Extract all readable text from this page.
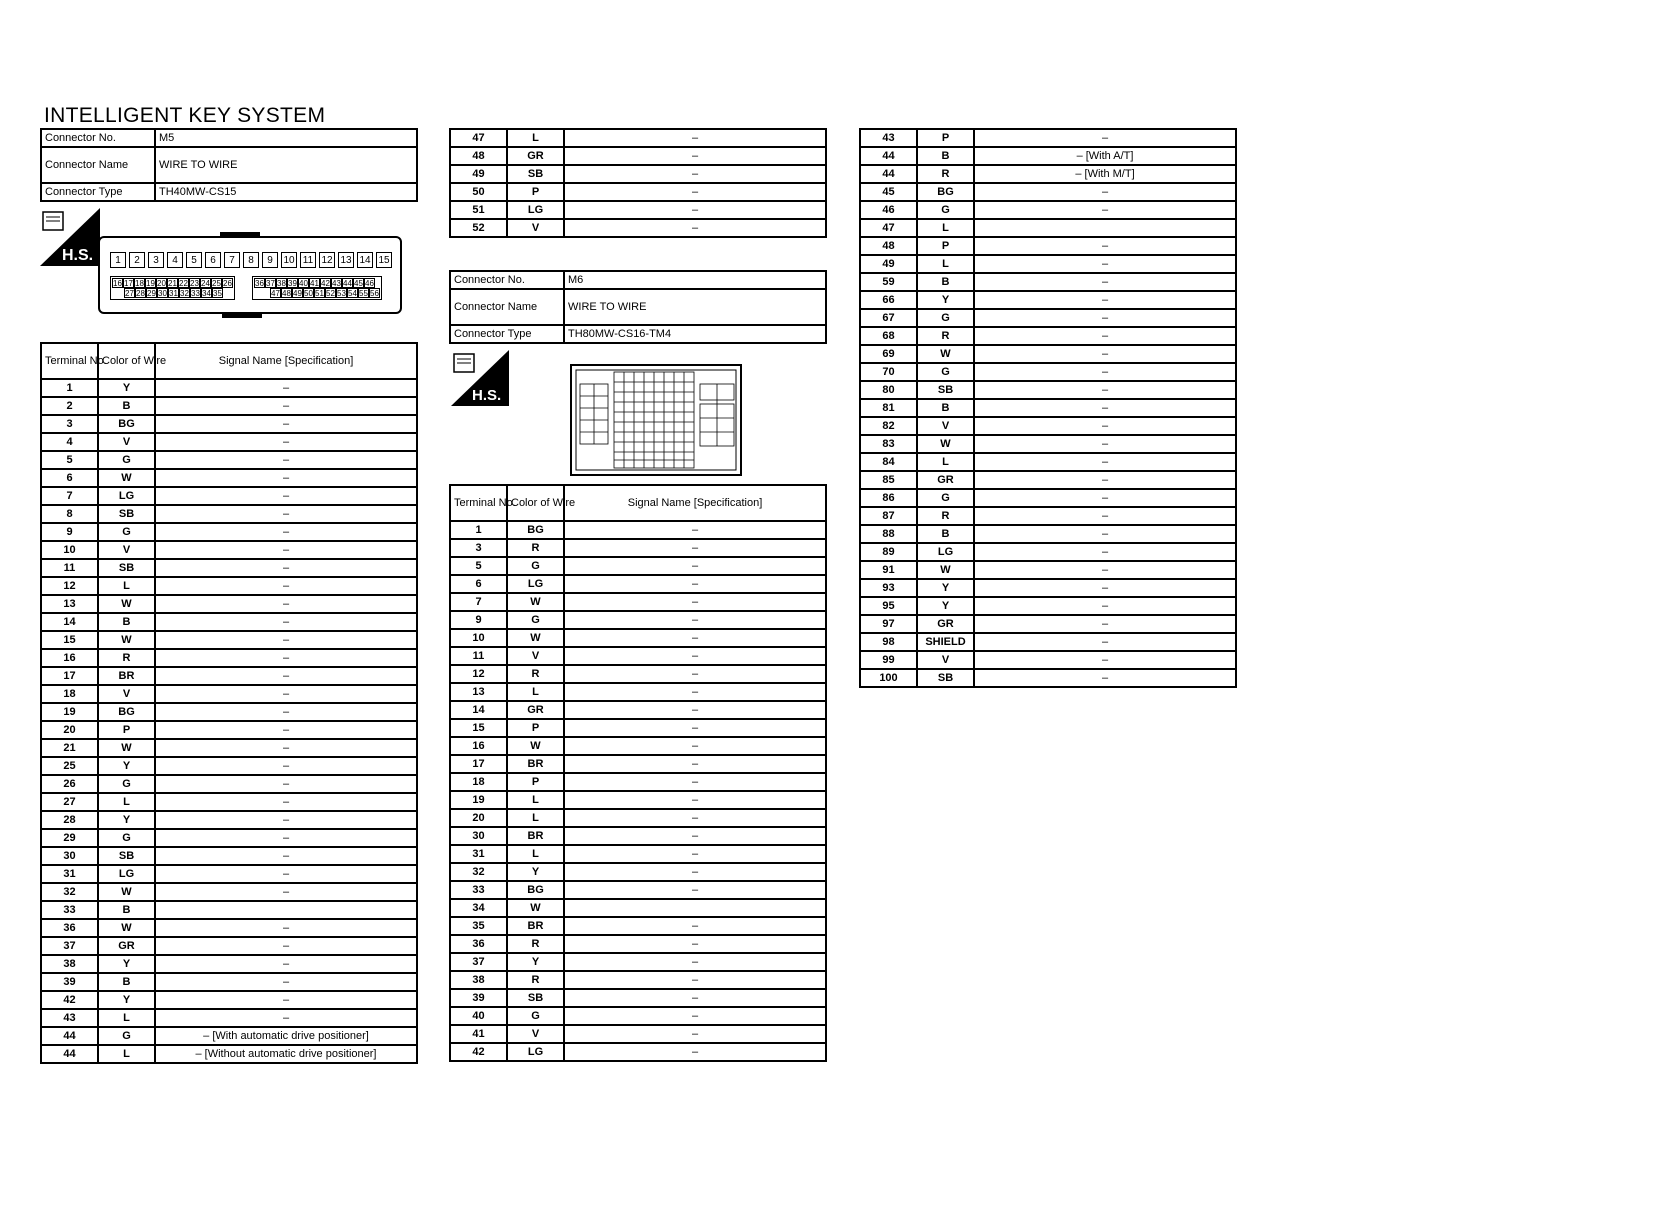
INTELLIGENT KEY SYSTEM
Connector No.	M5
Connector Name	WIRE TO WIRE
Connector Type	TH40MW-CS15
H.S.	1	2	3	4	5	6	7	8	9	10 11 12 13 14 15
16 17 18 19 20 21 22 23 24 25 26
27 28 29 30 31 32 33 34 35
36 37 38 39 40 41 42 43 44 45 46
47 48 49 50 51 52 53 54 55 56
Terminal No.	Color of Wire	Signal Name [Specification]
1	Y	–
2	B	–
3	BG	–
4	V	–
5	G	–
6	W	–
7	LG	–
8	SB	–
9	G	–
10	V	–
11	SB	–
12	L	–
13	W	–
14	B	–
15	W	–
16	R	–
17	BR	–
18	V	–
19	BG	–
20	P	–
21	W	–
25	Y	–
26	G	–
27	L	–
28	Y	–
29	G	–
30	SB	–
31	LG	–
32	W	–
33	B	
36	W	–
37	GR	–
38	Y	–
39	B	–
42	Y	–
43	L	–
44	G	– [With automatic drive positioner]
44	L	– [Without automatic drive positioner]
47	L	–
48	GR	–
49	SB	–
50	P	–
51	LG	–
52	V	–
Connector No.	M6
Connector Name	WIRE TO WIRE
Connector Type	TH80MW-CS16-TM4
H.S.
Terminal No.	Color of Wire	Signal Name [Specification]
1	BG	–
3	R	–
5	G	–
6	LG	–
7	W	–
9	G	–
10	W	–
11	V	–
12	R	–
13	L	–
14	GR	–
15	P	–
16	W	–
17	BR	–
18	P	–
19	L	–
20	L	–
30	BR	–
31	L	–
32	Y	–
33	BG	–
34	W	
35	BR	–
36	R	–
37	Y	–
38	R	–
39	SB	–
40	G	–
41	V	–
42	LG	–
43	P	–
44	B	– [With A/T]
44	R	– [With M/T]
45	BG	–
46	G	–
47	L	
48	P	–
49	L	–
59	B	–
66	Y	–
67	G	–
68	R	–
69	W	–
70	G	–
80	SB	–
81	B	–
82	V	–
83	W	–
84	L	–
85	GR	–
86	G	–
87	R	–
88	B	–
89	LG	–
91	W	–
93	Y	–
95	Y	–
97	GR	–
98	SHIELD	–
99	V	–
100	SB	–
